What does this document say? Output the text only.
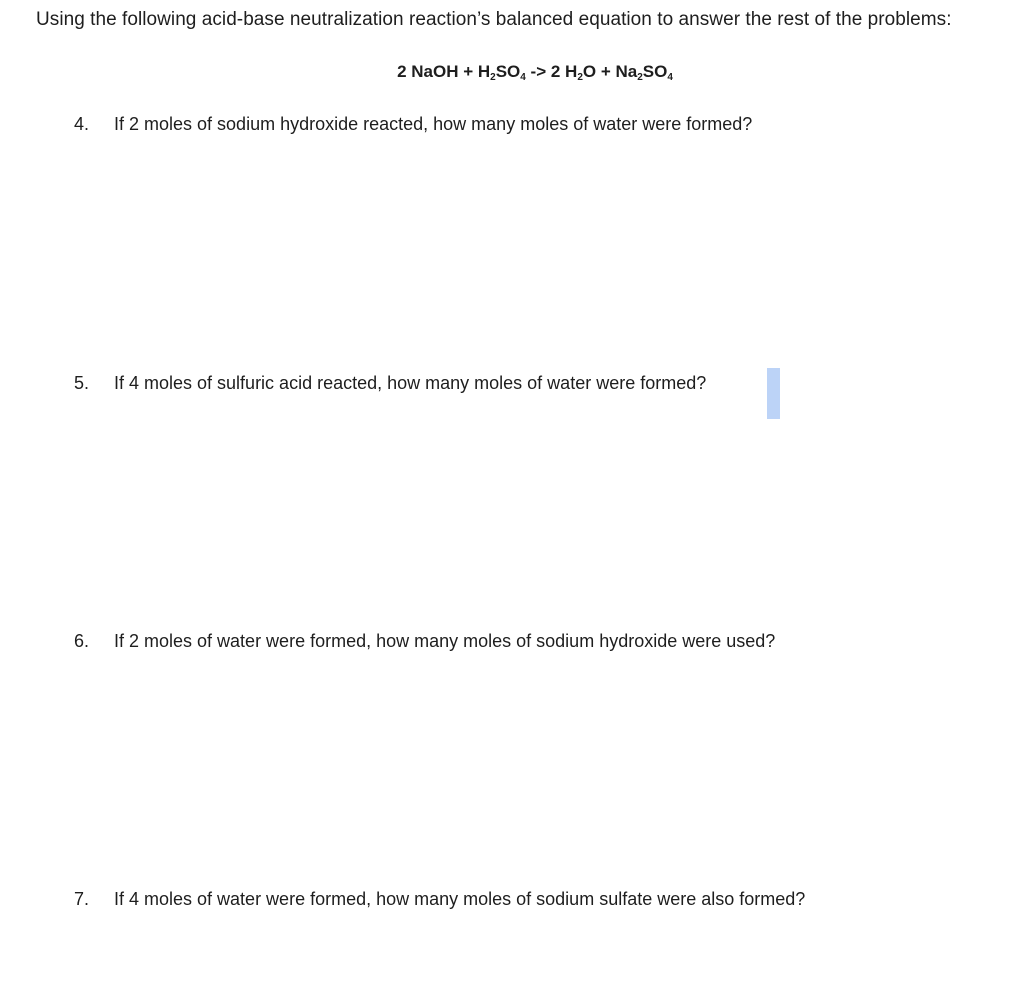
Using the following acid-base neutralization reaction’s balanced equation to answer the rest of the problems:
2 NaOH + $H_2SO_4 -> 2$ $H_2O + Na_2SO_4$
4. If 2 moles of sodium hydroxide reacted, how many moles of water were formed?
5. If 4 moles of sulfuric acid reacted, how many moles of water were formed?
6. If 2 moles of water were formed, how many moles of sodium hydroxide were used?
7. If 4 moles of water were formed, how many moles of sodium sulfate were also formed?
